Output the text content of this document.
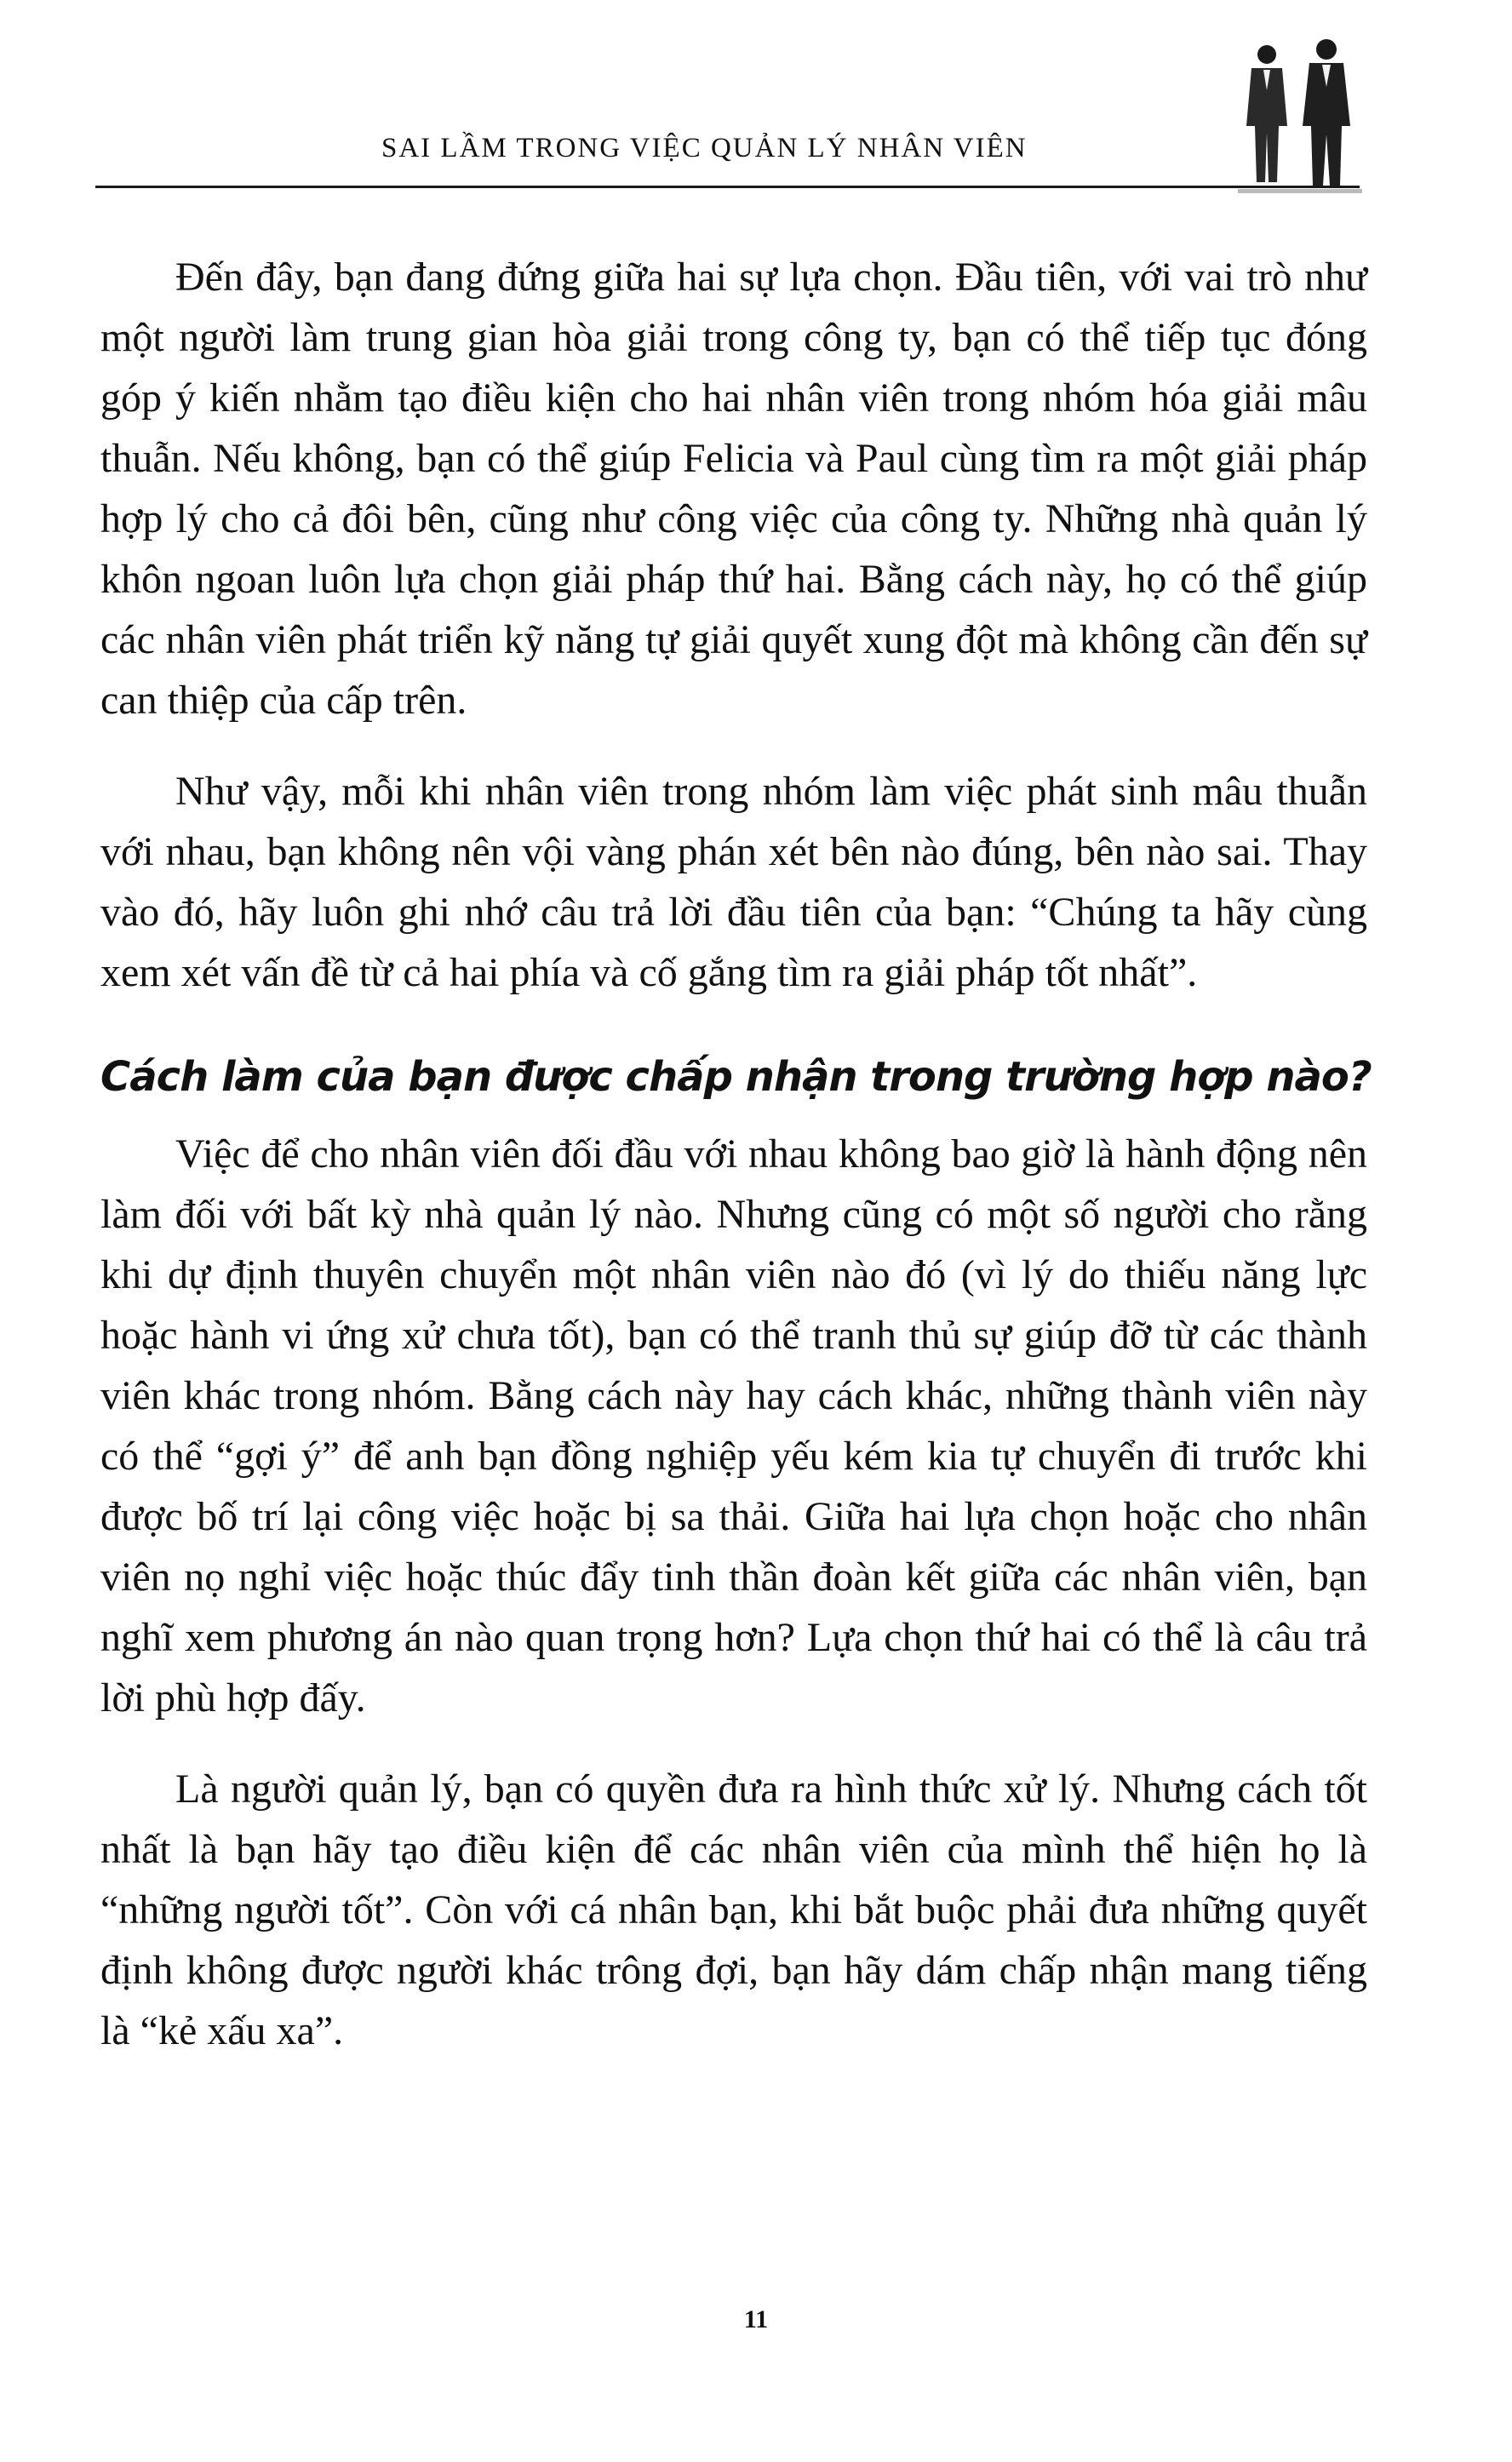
SAI LẦM TRONG VIỆC QUẢN LÝ NHÂN VIÊN

Đến đây, bạn đang đứng giữa hai sự lựa chọn. Đầu tiên, với vai trò như một người làm trung gian hòa giải trong công ty, bạn có thể tiếp tục đóng góp ý kiến nhằm tạo điều kiện cho hai nhân viên trong nhóm hóa giải mâu thuẫn. Nếu không, bạn có thể giúp Felicia và Paul cùng tìm ra một giải pháp hợp lý cho cả đôi bên, cũng như công việc của công ty. Những nhà quản lý khôn ngoan luôn lựa chọn giải pháp thứ hai. Bằng cách này, họ có thể giúp các nhân viên phát triển kỹ năng tự giải quyết xung đột mà không cần đến sự can thiệp của cấp trên.

Như vậy, mỗi khi nhân viên trong nhóm làm việc phát sinh mâu thuẫn với nhau, bạn không nên vội vàng phán xét bên nào đúng, bên nào sai. Thay vào đó, hãy luôn ghi nhớ câu trả lời đầu tiên của bạn: “Chúng ta hãy cùng xem xét vấn đề từ cả hai phía và cố gắng tìm ra giải pháp tốt nhất”.

Cách làm của bạn được chấp nhận trong trường hợp nào?

Việc để cho nhân viên đối đầu với nhau không bao giờ là hành động nên làm đối với bất kỳ nhà quản lý nào. Nhưng cũng có một số người cho rằng khi dự định thuyên chuyển một nhân viên nào đó (vì lý do thiếu năng lực hoặc hành vi ứng xử chưa tốt), bạn có thể tranh thủ sự giúp đỡ từ các thành viên khác trong nhóm. Bằng cách này hay cách khác, những thành viên này có thể “gợi ý” để anh bạn đồng nghiệp yếu kém kia tự chuyển đi trước khi được bố trí lại công việc hoặc bị sa thải. Giữa hai lựa chọn hoặc cho nhân viên nọ nghỉ việc hoặc thúc đẩy tinh thần đoàn kết giữa các nhân viên, bạn nghĩ xem phương án nào quan trọng hơn? Lựa chọn thứ hai có thể là câu trả lời phù hợp đấy.

Là người quản lý, bạn có quyền đưa ra hình thức xử lý. Nhưng cách tốt nhất là bạn hãy tạo điều kiện để các nhân viên của mình thể hiện họ là “những người tốt”. Còn với cá nhân bạn, khi bắt buộc phải đưa những quyết định không được người khác trông đợi, bạn hãy dám chấp nhận mang tiếng là “kẻ xấu xa”.

11
